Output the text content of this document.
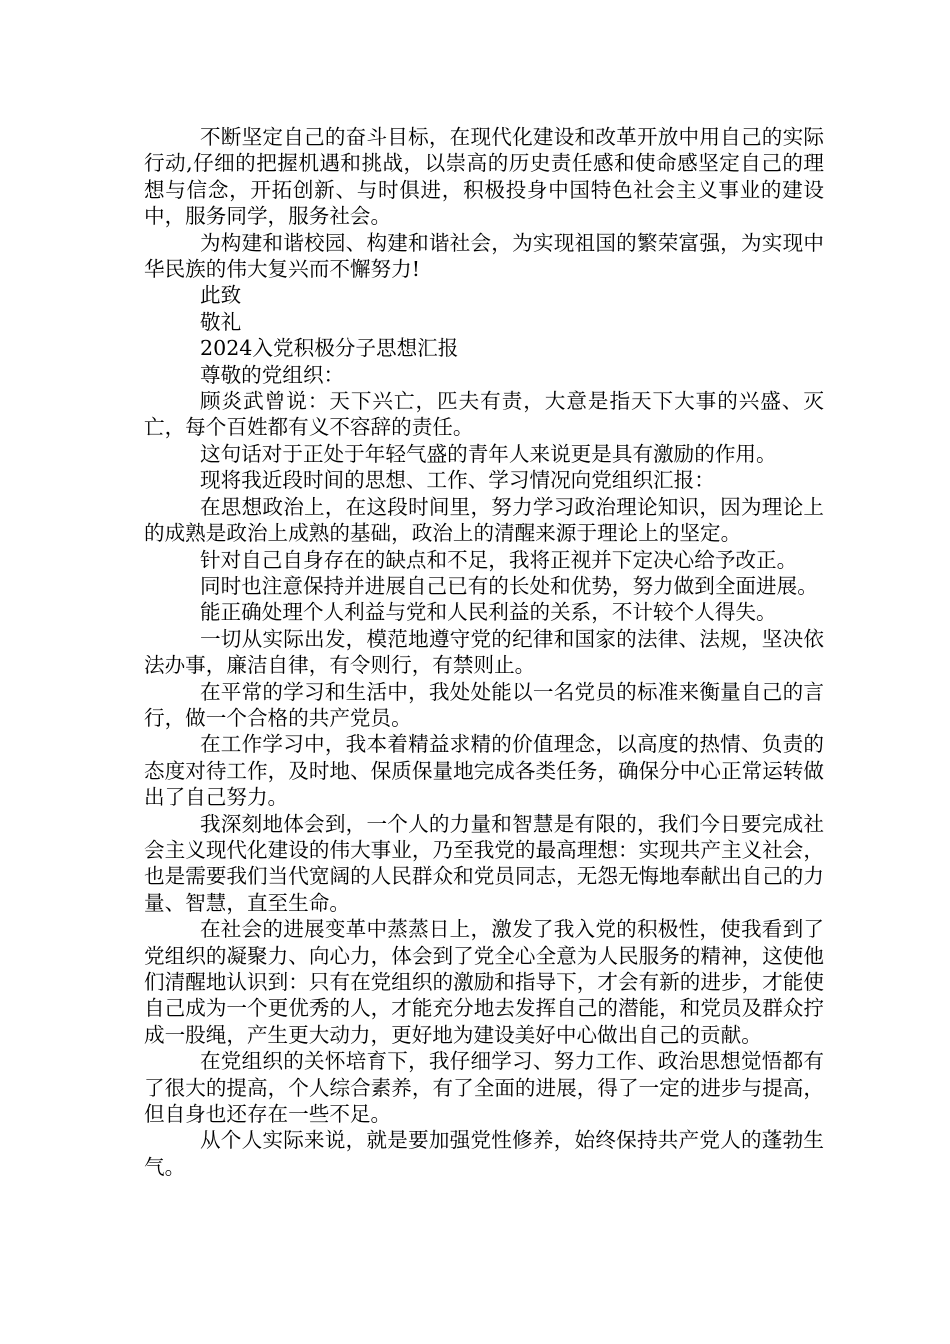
不断坚定自己的奋斗目标，在现代化建设和改革开放中用自己的实际行动,仔细的把握机遇和挑战，以崇高的历史责任感和使命感坚定自己的理想与信念，开拓创新、与时俱进，积极投身中国特色社会主义事业的建设中，服务同学，服务社会。

为构建和谐校园、构建和谐社会，为实现祖国的繁荣富强，为实现中华民族的伟大复兴而不懈努力!

此致

敬礼

2024入党积极分子思想汇报

尊敬的党组织：

顾炎武曾说：天下兴亡，匹夫有责，大意是指天下大事的兴盛、灭亡，每个百姓都有义不容辞的责任。

这句话对于正处于年轻气盛的青年人来说更是具有激励的作用。

现将我近段时间的思想、工作、学习情况向党组织汇报：

在思想政治上，在这段时间里，努力学习政治理论知识，因为理论上的成熟是政治上成熟的基础，政治上的清醒来源于理论上的坚定。

针对自己自身存在的缺点和不足，我将正视并下定决心给予改正。

同时也注意保持并进展自己已有的长处和优势，努力做到全面进展。

能正确处理个人利益与党和人民利益的关系，不计较个人得失。

一切从实际出发，模范地遵守党的纪律和国家的法律、法规，坚决依法办事，廉洁自律，有令则行，有禁则止。

在平常的学习和生活中，我处处能以一名党员的标准来衡量自己的言行，做一个合格的共产党员。

在工作学习中，我本着精益求精的价值理念，以高度的热情、负责的态度对待工作，及时地、保质保量地完成各类任务，确保分中心正常运转做出了自己努力。

我深刻地体会到，一个人的力量和智慧是有限的，我们今日要完成社会主义现代化建设的伟大事业，乃至我党的最高理想：实现共产主义社会，也是需要我们当代宽阔的人民群众和党员同志，无怨无悔地奉献出自己的力量、智慧，直至生命。

在社会的进展变革中蒸蒸日上，激发了我入党的积极性，使我看到了党组织的凝聚力、向心力，体会到了党全心全意为人民服务的精神，这使他们清醒地认识到：只有在党组织的激励和指导下，才会有新的进步，才能使自己成为一个更优秀的人，才能充分地去发挥自己的潜能，和党员及群众拧成一股绳，产生更大动力，更好地为建设美好中心做出自己的贡献。

在党组织的关怀培育下，我仔细学习、努力工作、政治思想觉悟都有了很大的提高，个人综合素养，有了全面的进展，得了一定的进步与提高，但自身也还存在一些不足。

从个人实际来说，就是要加强党性修养，始终保持共产党人的蓬勃生气。
